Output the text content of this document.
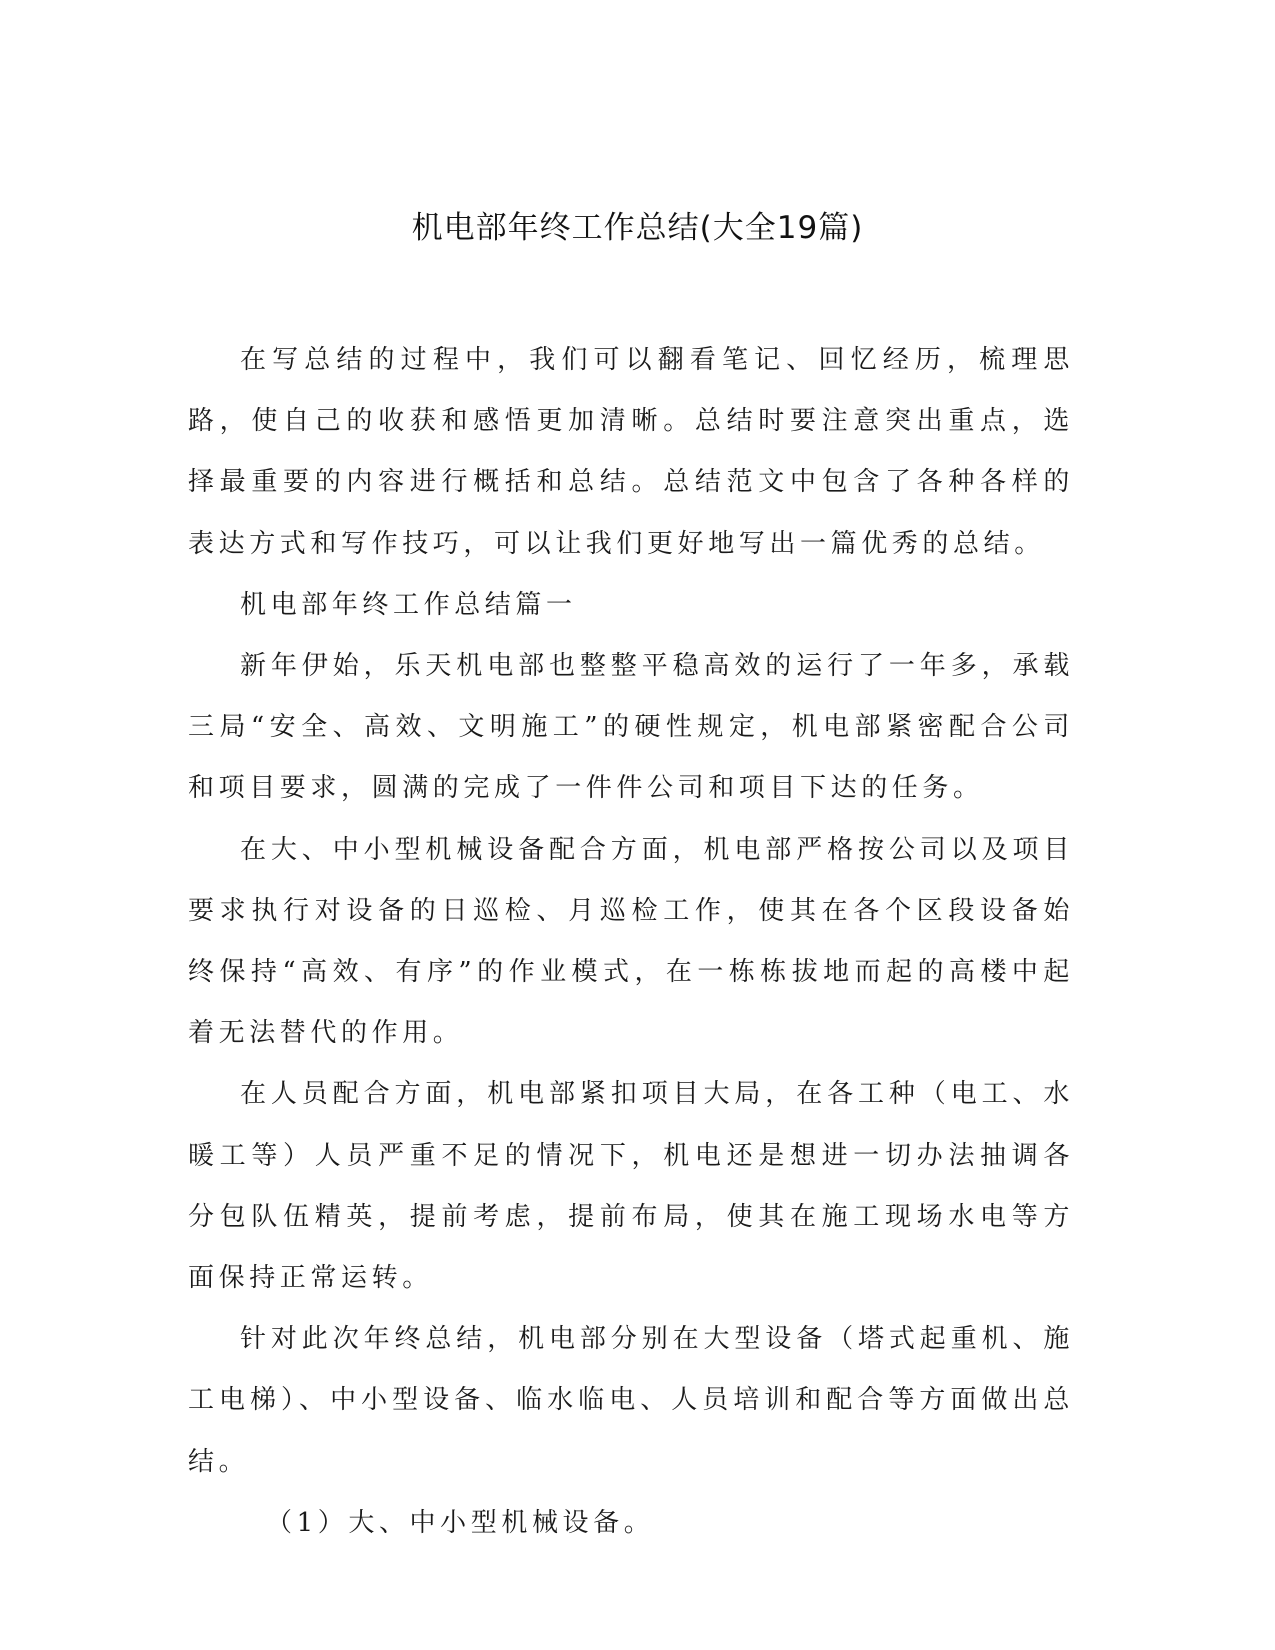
机电部年终工作总结(大全19篇)

在写总结的过程中，我们可以翻看笔记、回忆经历，梳理思路，使自己的收获和感悟更加清晰。总结时要注意突出重点，选择最重要的内容进行概括和总结。总结范文中包含了各种各样的表达方式和写作技巧，可以让我们更好地写出一篇优秀的总结。

机电部年终工作总结篇一

新年伊始，乐天机电部也整整平稳高效的运行了一年多，承载三局“安全、高效、文明施工”的硬性规定，机电部紧密配合公司和项目要求，圆满的完成了一件件公司和项目下达的任务。

在大、中小型机械设备配合方面，机电部严格按公司以及项目要求执行对设备的日巡检、月巡检工作，使其在各个区段设备始终保持“高效、有序”的作业模式，在一栋栋拔地而起的高楼中起着无法替代的作用。

在人员配合方面，机电部紧扣项目大局，在各工种（电工、水暖工等）人员严重不足的情况下，机电还是想进一切办法抽调各分包队伍精英，提前考虑，提前布局，使其在施工现场水电等方面保持正常运转。

针对此次年终总结，机电部分别在大型设备（塔式起重机、施工电梯）、中小型设备、临水临电、人员培训和配合等方面做出总结。

（1）大、中小型机械设备。
